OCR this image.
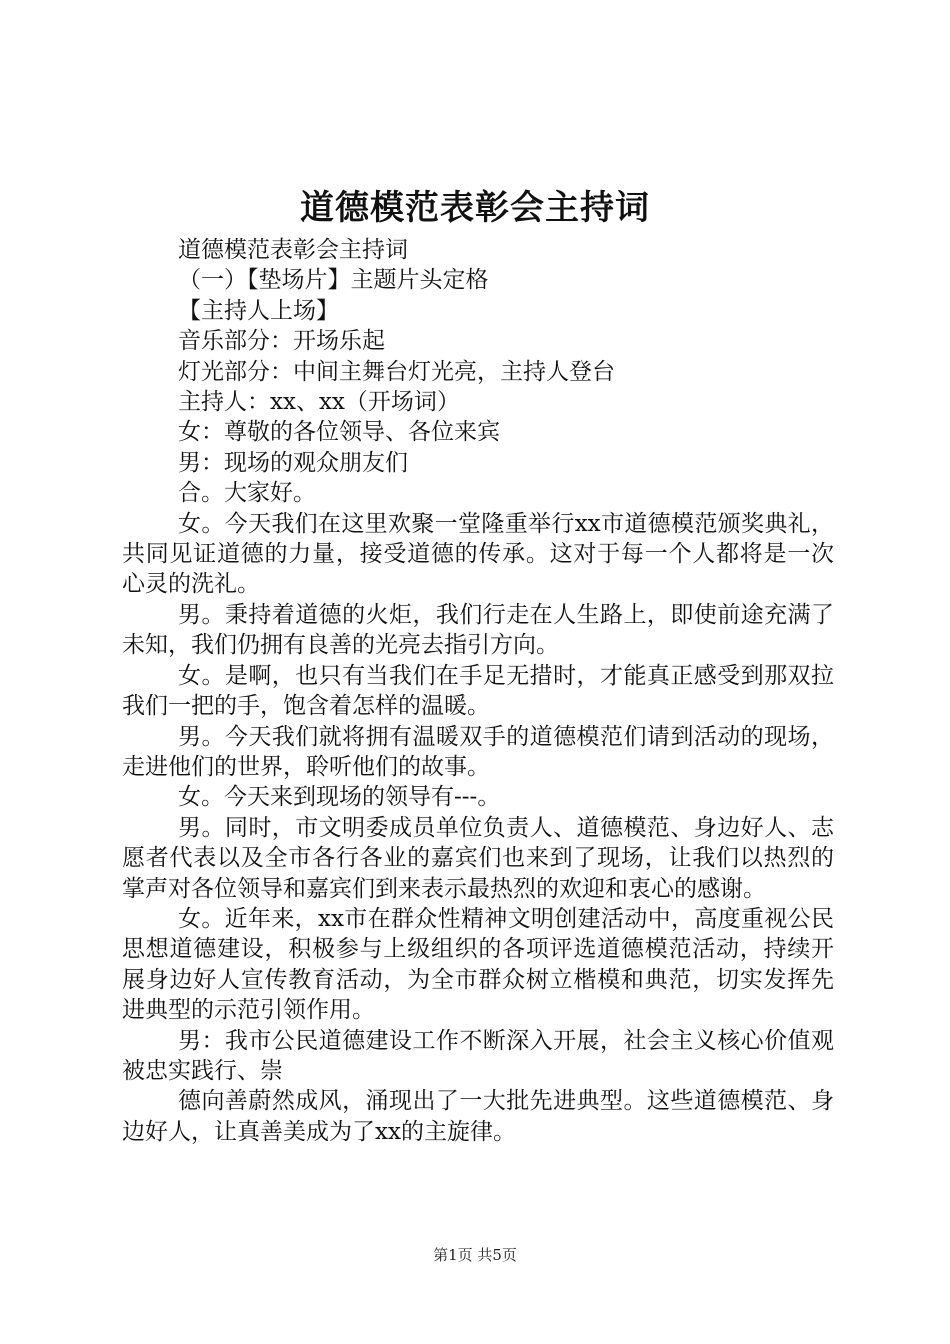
道德模范表彰会主持词

道德模范表彰会主持词

（一）【垫场片】主题片头定格

【主持人上场】

音乐部分：开场乐起

灯光部分：中间主舞台灯光亮，主持人登台

主持人：xx、xx（开场词）

女：尊敬的各位领导、各位来宾

男：现场的观众朋友们

合。大家好。

女。今天我们在这里欢聚一堂隆重举行xx市道德模范颁奖典礼，共同见证道德的力量，接受道德的传承。这对于每一个人都将是一次心灵的洗礼。

男。秉持着道德的火炬，我们行走在人生路上，即使前途充满了未知，我们仍拥有良善的光亮去指引方向。

女。是啊，也只有当我们在手足无措时，才能真正感受到那双拉我们一把的手，饱含着怎样的温暖。

男。今天我们就将拥有温暖双手的道德模范们请到活动的现场，走进他们的世界，聆听他们的故事。

女。今天来到现场的领导有---。

男。同时，市文明委成员单位负责人、道德模范、身边好人、志愿者代表以及全市各行各业的嘉宾们也来到了现场，让我们以热烈的掌声对各位领导和嘉宾们到来表示最热烈的欢迎和衷心的感谢。

女。近年来，xx市在群众性精神文明创建活动中，高度重视公民思想道德建设，积极参与上级组织的各项评选道德模范活动，持续开展身边好人宣传教育活动，为全市群众树立楷模和典范，切实发挥先进典型的示范引领作用。

男：我市公民道德建设工作不断深入开展，社会主义核心价值观被忠实践行、崇

德向善蔚然成风，涌现出了一大批先进典型。这些道德模范、身边好人，让真善美成为了xx的主旋律。

第1页 共5页
